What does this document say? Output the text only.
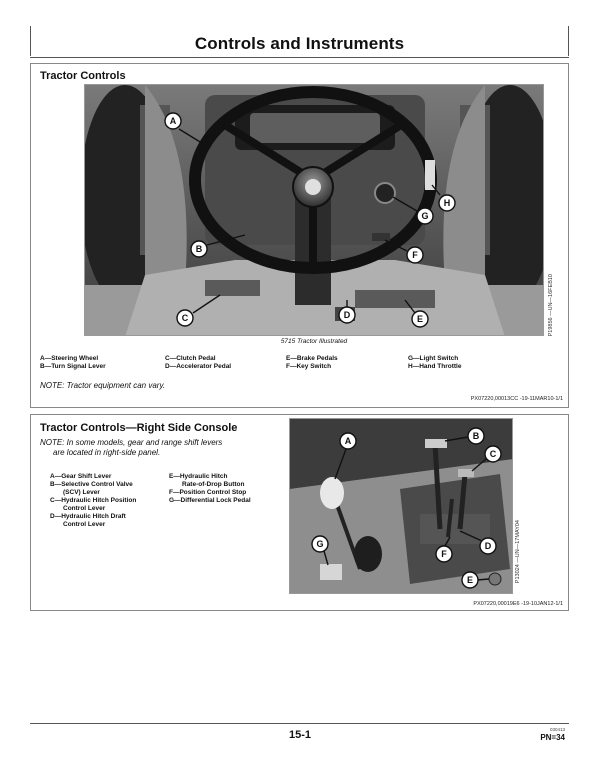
Controls and Instruments
Tractor Controls
A
B
C	D	E
F
G
H
P19856 —UN—16FEB10
5715 Tractor Illustrated
A—Steering Wheel
B—Turn Signal Lever
C—Clutch Pedal
D—Accelerator Pedal
E—Brake Pedals
F—Key Switch
G—Light Switch
H—Hand Throttle
NOTE: Tractor equipment can vary.
PX07220,00013CC -19-11MAR10-1/1
Tractor Controls—Right Side Console
NOTE: In some models, gear and range shift levers
are located in right-side panel.
A—Gear Shift Lever
B—Selective Control Valve
(SCV) Lever
C—Hydraulic Hitch Position
Control Lever
D—Hydraulic Hitch Draft
Control Lever
E—Hydraulic Hitch
Rate-of-Drop Button
F—Position Control Stop
G—Differential Lock Pedal
A	B
C
D
E
F
G	P13024 —UN—17MAY04
PX07220,00019E6 -19-10JAN12-1/1
15-1	030413
PN=34
